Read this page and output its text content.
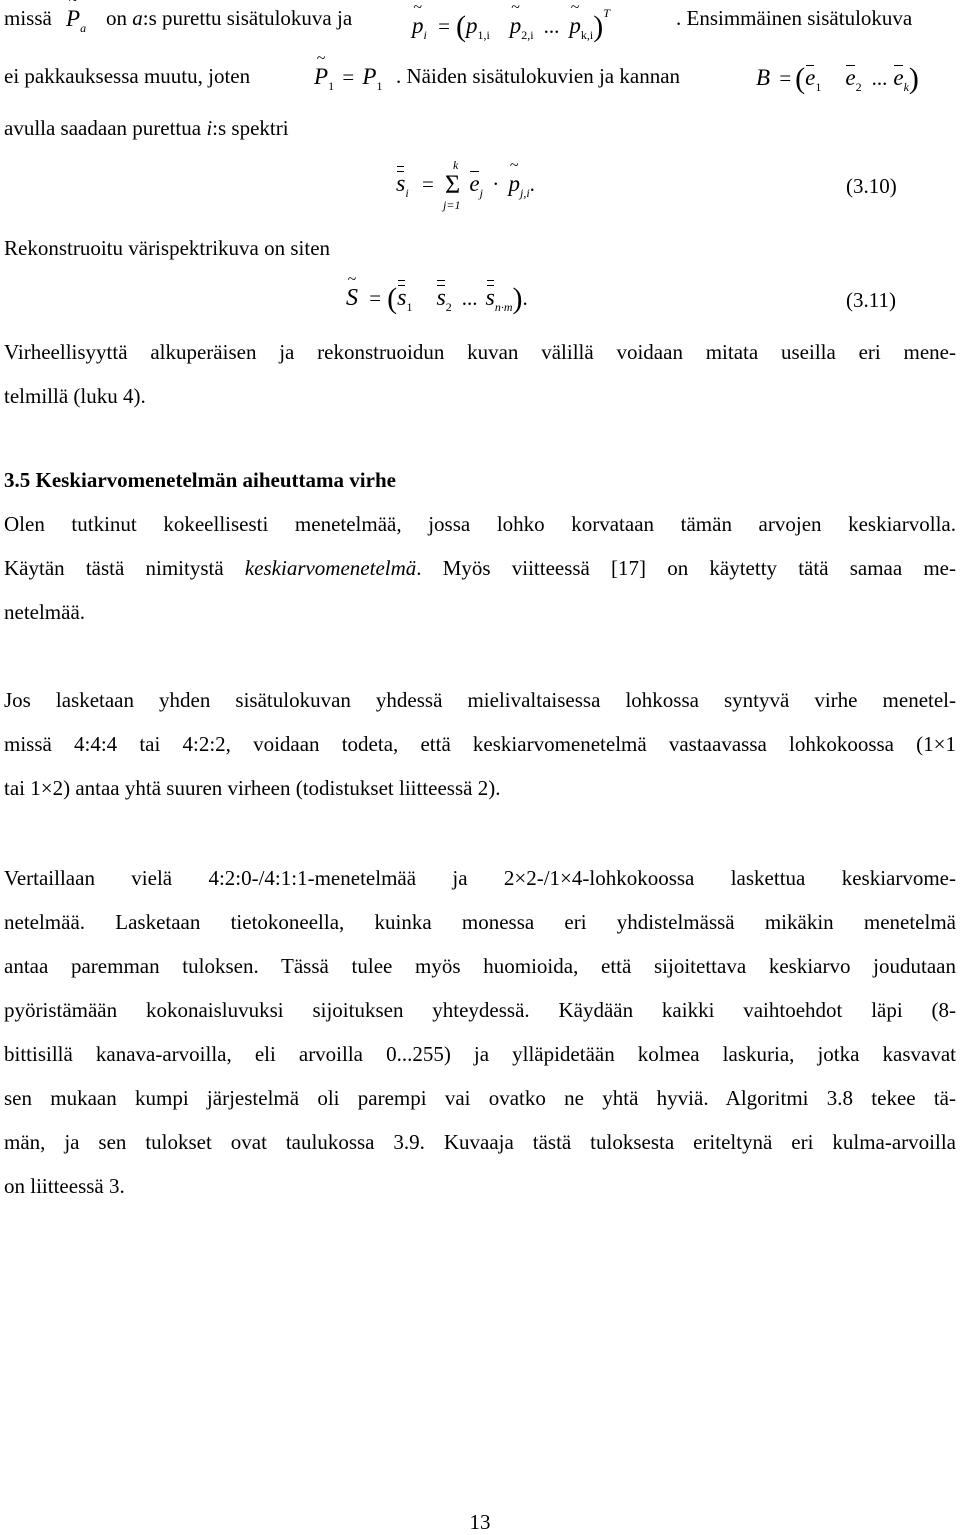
missä
~ $P_a$ on a:s purettu sisätulokuva ja
~	$p_i$ = ($p_{1,i}\sim$ $p_{2,i}$ ...~ $p_{k,i})^T$	. Ensimmäinen sisätulokuva
ei pakkauksessa muutu, joten
~	$P_1 = P_1$ . Näiden sisätulokuvien ja kannan	$B = (e_1$ $e_2$ ... $e_k$)
avulla saadaan purettua i:s spektri
$s_i$ =
k
Σ
j=1
$e_j$ · ~ $p_{j,i}$.	(3.10)
Rekonstruoitu värispektrikuva on siten
~ $S = (s_1$ $s_2$ ... $s_{n\cdot m}$).	(3.11)
Virheellisyyttä alkuperäisen ja rekonstruoidun kuvan välillä voidaan mitata useilla eri mene-
telmillä (luku 4).
3.5 Keskiarvomenetelmän aiheuttama virhe
Olen tutkinut kokeellisesti menetelmää, jossa lohko korvataan tämän arvojen keskiarvolla.
Käytän tästä nimitystä keskiarvomenetelmä. Myös viitteessä [17] on käytetty tätä samaa me-
netelmää.
Jos lasketaan yhden sisätulokuvan yhdessä mielivaltaisessa lohkossa syntyvä virhe menetel-
missä 4:4:4 tai 4:2:2, voidaan todeta, että keskiarvomenetelmä vastaavassa lohkokoossa (1×1
tai 1×2) antaa yhtä suuren virheen (todistukset liitteessä 2).
Vertaillaan vielä 4:2:0-/4:1:1-menetelmää ja 2×2-/1×4-lohkokoossa laskettua keskiarvome-
netelmää. Lasketaan tietokoneella, kuinka monessa eri yhdistelmässä mikäkin menetelmä
antaa paremman tuloksen. Tässä tulee myös huomioida, että sijoitettava keskiarvo joudutaan
pyöristämään kokonaisluvuksi sijoituksen yhteydessä. Käydään kaikki vaihtoehdot läpi (8-
bittisillä kanava-arvoilla, eli arvoilla 0...255) ja ylläpidetään kolmea laskuria, jotka kasvavat
sen mukaan kumpi järjestelmä oli parempi vai ovatko ne yhtä hyviä. Algoritmi 3.8 tekee tä-
män, ja sen tulokset ovat taulukossa 3.9. Kuvaaja tästä tuloksesta eriteltynä eri kulma-arvoilla
on liitteessä 3.
13
